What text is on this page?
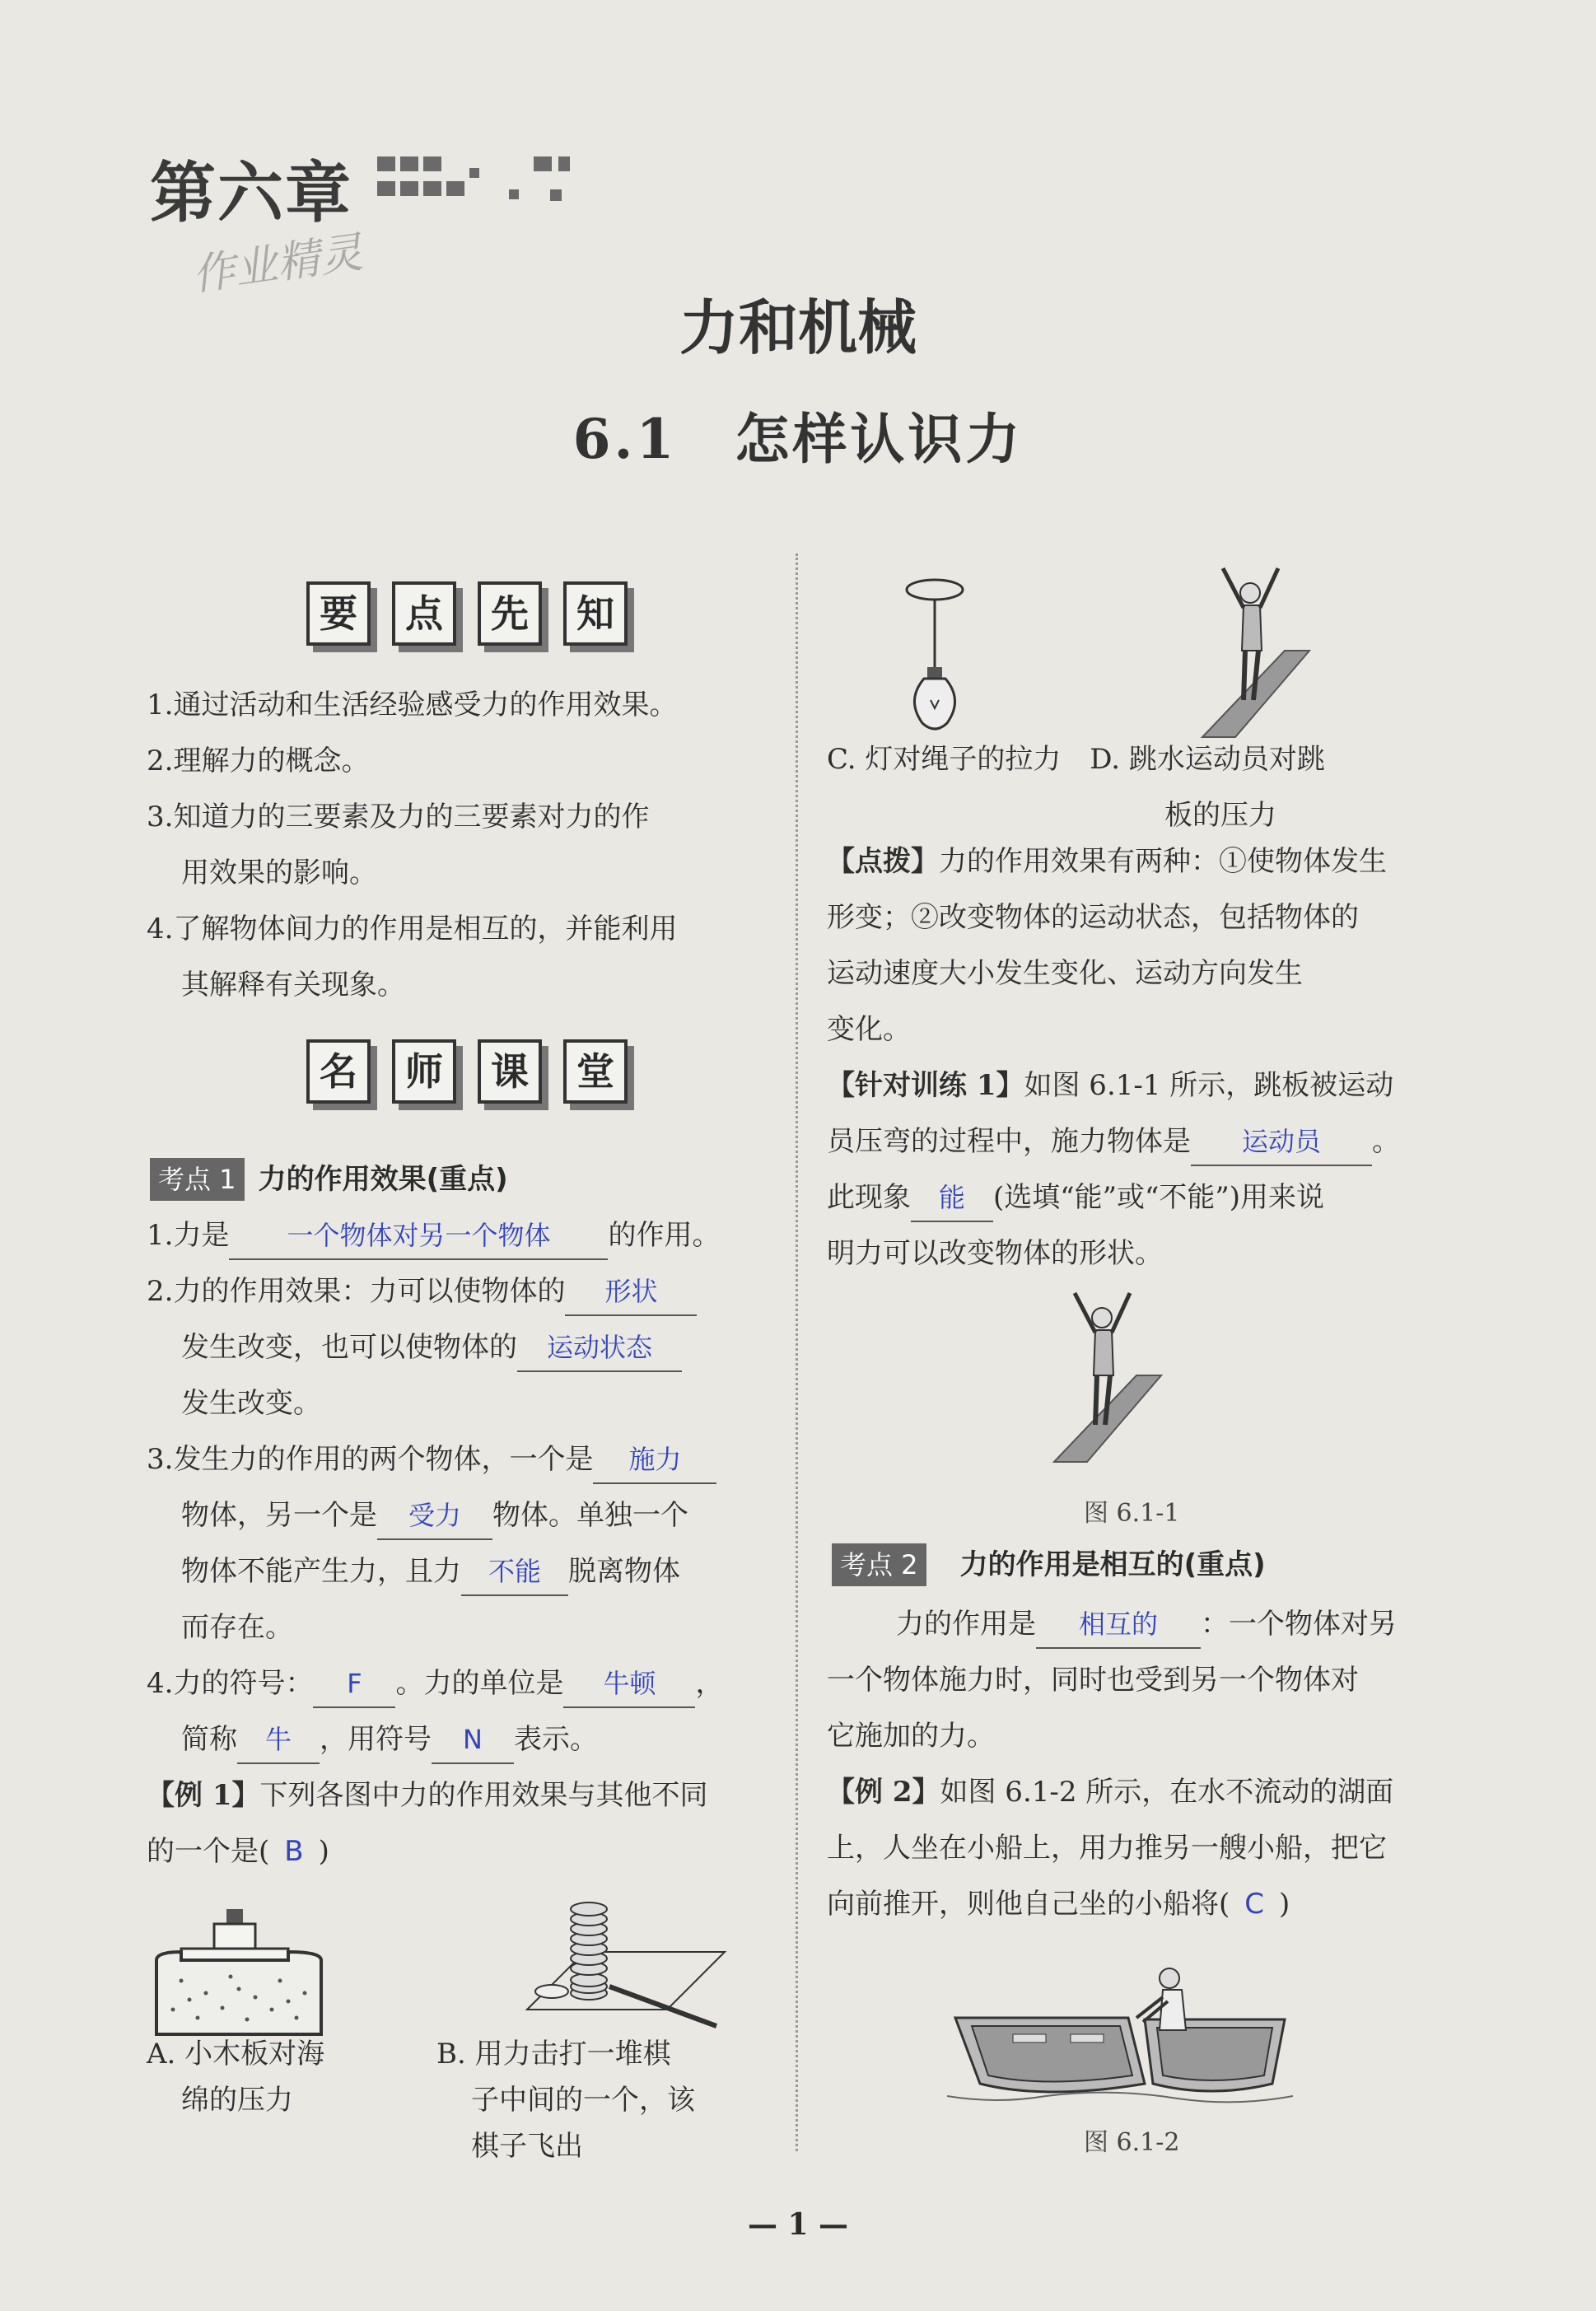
第六章
作业精灵
力和机械
6.1　怎样认识力
要	点	先	知
1.通过活动和生活经验感受力的作用效果。
2.理解力的概念。
3.知道力的三要素及力的三要素对力的作
用效果的影响。
4.了解物体间力的作用是相互的，并能利用
其解释有关现象。
名	师	课	堂
考点 1 力的作用效果(重点)
1.力是 一个物体对另一个物体 的作用。
2.力的作用效果：力可以使物体的 形状
发生改变，也可以使物体的 运动状态
发生改变。
3.发生力的作用的两个物体，一个是 施力
物体，另一个是 受力 物体。单独一个
物体不能产生力，且力 不能 脱离物体
而存在。
4.力的符号： F 。力的单位是 牛顿 ，
简称 牛 ，用符号 N 表示。
【例 1】下列各图中力的作用效果与其他不同
的一个是( B )
A. 小木板对海
绵的压力
B. 用力击打一堆棋
子中间的一个，该
棋子飞出
C. 灯对绳子的拉力 D. 跳水运动员对跳
板的压力
【点拨】力的作用效果有两种：①使物体发生
形变；②改变物体的运动状态，包括物体的
运动速度大小发生变化、运动方向发生
变化。
【针对训练 1】如图 6.1-1 所示，跳板被运动
员压弯的过程中，施力物体是 运动员 。
此现象 能 (选填“能”或“不能”)用来说
明力可以改变物体的形状。
图 6.1-1
考点 2 力的作用是相互的(重点)
力的作用是 相互的 ：一个物体对另
一个物体施力时，同时也受到另一个物体对
它施加的力。
【例 2】如图 6.1-2 所示，在水不流动的湖面
上，人坐在小船上，用力推另一艘小船，把它
向前推开，则他自己坐的小船将( C )
图 6.1-2
— 1 —
